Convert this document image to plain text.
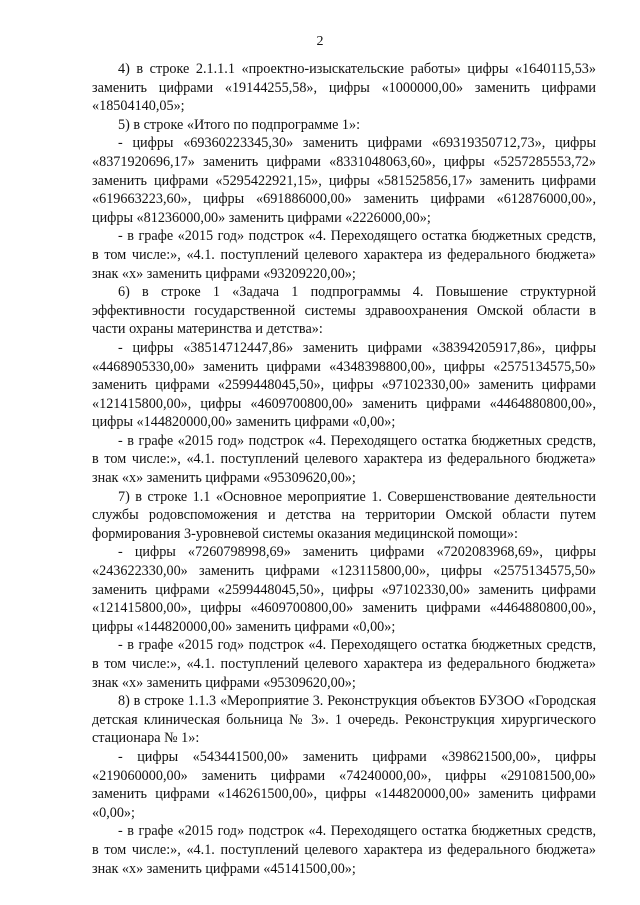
2

4) в строке 2.1.1.1 «проектно-изыскательские работы» цифры «1640115,53» заменить цифрами «19144255,58», цифры «1000000,00» заменить цифрами «18504140,05»;

5) в строке «Итого по подпрограмме 1»:

- цифры «69360223345,30» заменить цифрами «69319350712,73», цифры «8371920696,17» заменить цифрами «8331048063,60», цифры «5257285553,72» заменить цифрами «5295422921,15», цифры «581525856,17» заменить цифрами «619663223,60», цифры «691886000,00» заменить цифрами «612876000,00», цифры «81236000,00» заменить цифрами «2226000,00»;

- в графе «2015 год» подстрок «4. Переходящего остатка бюджетных средств, в том числе:», «4.1. поступлений целевого характера из федерального бюджета» знак «х» заменить цифрами «93209220,00»;

6) в строке 1 «Задача 1 подпрограммы 4. Повышение структурной эффективности государственной системы здравоохранения Омской области в части охраны материнства и детства»:

- цифры «38514712447,86» заменить цифрами «38394205917,86», цифры «4468905330,00» заменить цифрами «4348398800,00», цифры «2575134575,50» заменить цифрами «2599448045,50», цифры «97102330,00» заменить цифрами «121415800,00», цифры «4609700800,00» заменить цифрами «4464880800,00», цифры «144820000,00» заменить цифрами «0,00»;

- в графе «2015 год» подстрок «4. Переходящего остатка бюджетных средств, в том числе:», «4.1. поступлений целевого характера из федерального бюджета» знак «х» заменить цифрами «95309620,00»;

7) в строке 1.1 «Основное мероприятие 1. Совершенствование деятельности службы родовспоможения и детства на территории Омской области путем формирования 3-уровневой системы оказания медицинской помощи»:

- цифры «7260798998,69» заменить цифрами «7202083968,69», цифры «243622330,00» заменить цифрами «123115800,00», цифры «2575134575,50» заменить цифрами «2599448045,50», цифры «97102330,00» заменить цифрами «121415800,00», цифры «4609700800,00» заменить цифрами «4464880800,00», цифры «144820000,00» заменить цифрами «0,00»;

- в графе «2015 год» подстрок «4. Переходящего остатка бюджетных средств, в том числе:», «4.1. поступлений целевого характера из федерального бюджета» знак «х» заменить цифрами «95309620,00»;

8) в строке 1.1.3 «Мероприятие 3. Реконструкция объектов БУЗОО «Городская детская клиническая больница № 3». 1 очередь. Реконструкция хирургического стационара № 1»:

- цифры «543441500,00» заменить цифрами «398621500,00», цифры «219060000,00» заменить цифрами «74240000,00», цифры «291081500,00» заменить цифрами «146261500,00», цифры «144820000,00» заменить цифрами «0,00»;

- в графе «2015 год» подстрок «4. Переходящего остатка бюджетных средств, в том числе:», «4.1. поступлений целевого характера из федерального бюджета» знак «х» заменить цифрами «45141500,00»;
